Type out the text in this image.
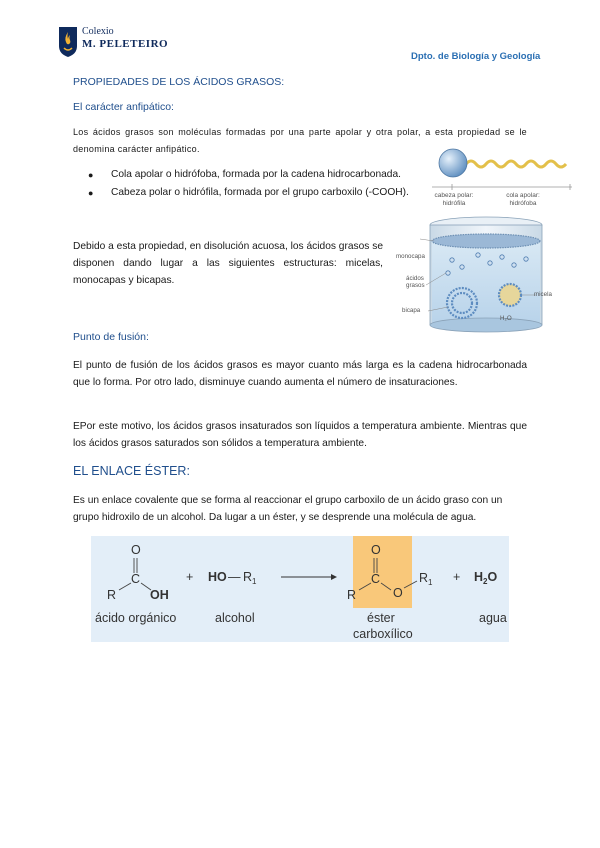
Colexio
M. PELETEIRO
Dpto. de Biología y Geología
PROPIEDADES DE LOS ÁCIDOS GRASOS:
El carácter anfipático:

Los ácidos grasos son moléculas formadas por una parte apolar y otra polar, a esta propiedad se le denomina carácter anfipático.

● Cola apolar o hidrófoba, formada por la cadena hidrocarbonada.
● Cabeza polar o hidrófila, formada por el grupo carboxilo (-COOH).

Debido a esta propiedad, en disolución acuosa, los ácidos grasos se disponen dando lugar a las siguientes estructuras: micelas, monocapas y bicapas.

cabeza polar: hidrófila
cola apolar: hidrófoba
monocapa
ácidos grasos
bicapa
micela
H₂O
Punto de fusión:

El punto de fusión de los ácidos grasos es mayor cuanto más larga es la cadena hidrocarbonada que lo forma. Por otro lado, disminuye cuando aumenta el número de insaturaciones.

EPor este motivo, los ácidos grasos insaturados son líquidos a temperatura ambiente. Mientras que los ácidos grasos saturados son sólidos a temperatura ambiente.

EL ENLACE ÉSTER:

Es un enlace covalente que se forma al reaccionar el grupo carboxilo de un ácido graso con un grupo hidroxilo de un alcohol. Da lugar a un éster, y se desprende una molécula de agua.

O
C
R	OH
ácido orgánico
+ HO — $R_1$
alcohol
O
C
R	O
$R_1$
éster
carboxílico
+ $H_2O$
agua
